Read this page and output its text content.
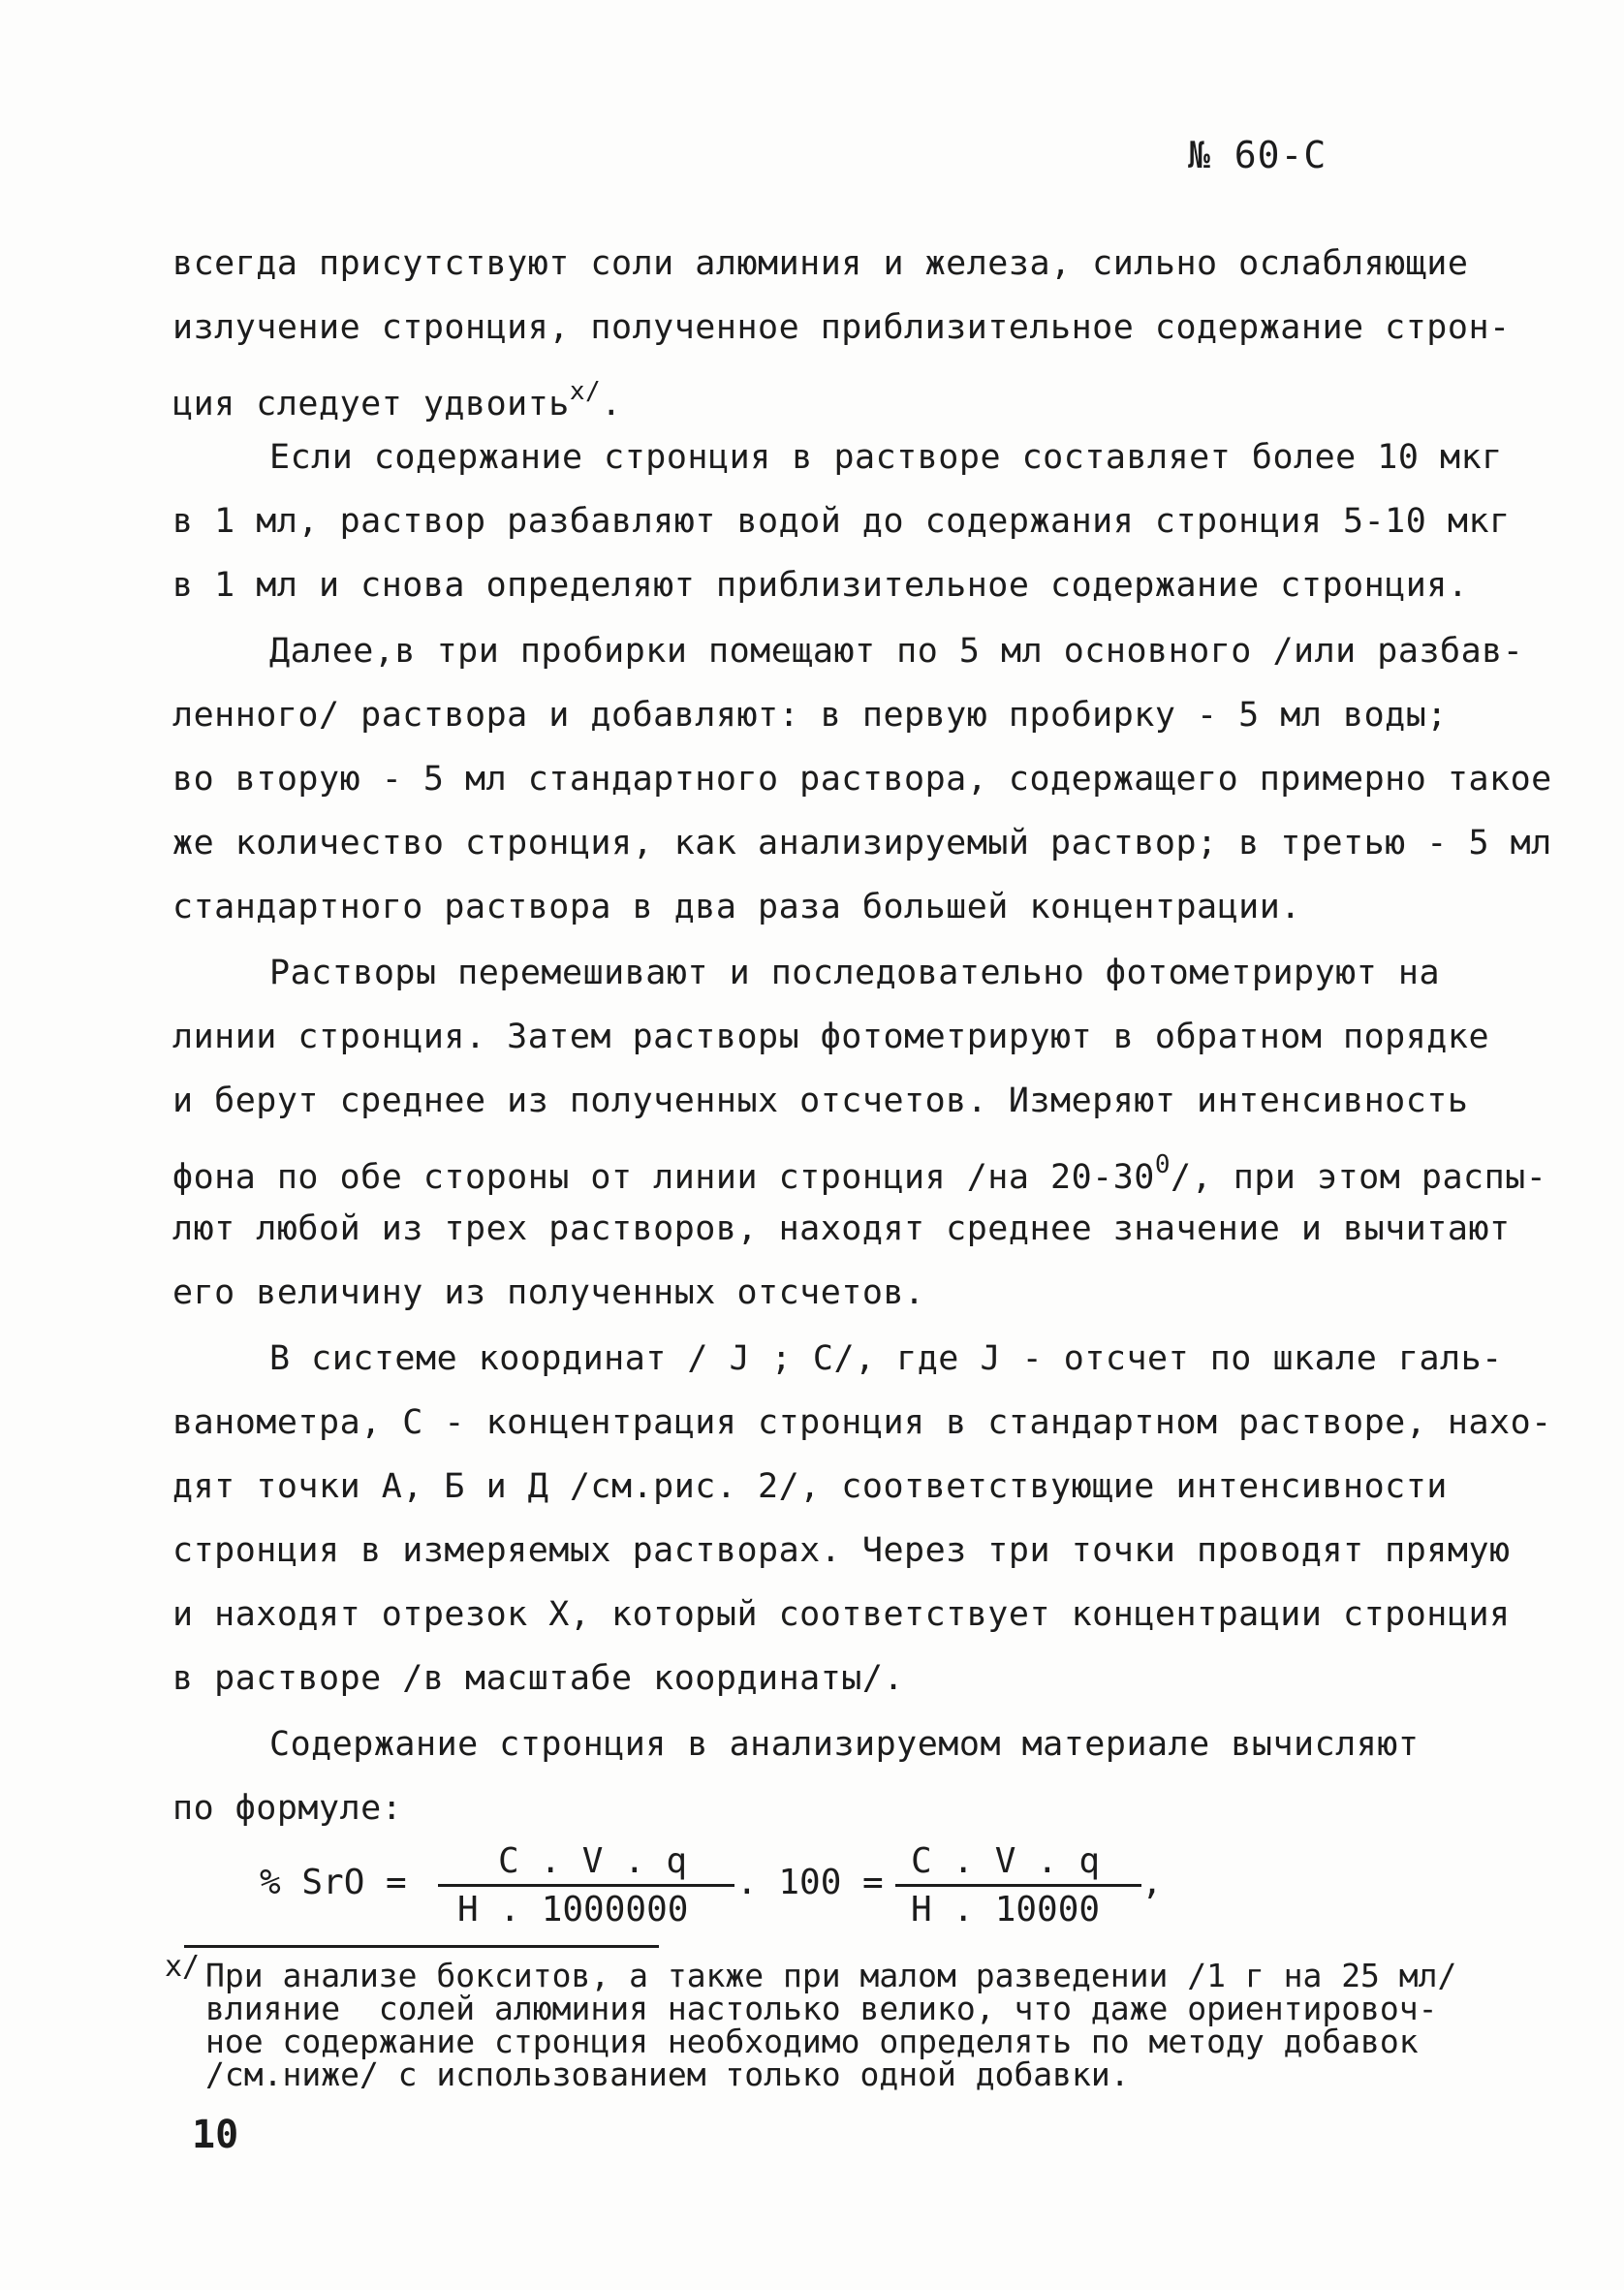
№ 60-С
всегда присутствуют соли алюминия и железа, сильно ослабляющие
излучение стронция, полученное приблизительное содержание строн-
ция следует удвоить$^{х/}$.
Если содержание стронция в растворе составляет более 10 мкг
в 1 мл, раствор разбавляют водой до содержания стронция 5-10 мкг
в 1 мл и снова определяют приблизительное содержание стронция.
Далее,в три пробирки помещают по 5 мл основного /или разбав-
ленного/ раствора и добавляют: в первую пробирку - 5 мл воды;
во вторую - 5 мл стандартного раствора, содержащего примерно такое
же количество стронция, как анализируемый раствор; в третью - 5 мл
стандартного раствора в два раза большей концентрации.
Растворы перемешивают и последовательно фотометрируют на
линии стронция. Затем растворы фотометрируют в обратном порядке
и берут среднее из полученных отсчетов. Измеряют интенсивность
фона по обе стороны от линии стронция /на $20-30^0/$, при этом распы-
лют любой из трех растворов, находят среднее значение и вычитают
его величину из полученных отсчетов.
В системе координат / J ; С/, где J - отсчет по шкале галь-
ванометра, С - концентрация стронция в стандартном растворе, нахо-
дят точки А, Б и Д /см.рис. 2/, соответствующие интенсивности
стронция в измеряемых растворах. Через три точки проводят прямую
и находят отрезок Х, который соответствует концентрации стронция
в растворе /в масштабе координаты/.
Содержание стронция в анализируемом материале вычисляют
по формуле:
% SrO =
C . V . q
H . 1000000
. 100 =
C . V . q
H . 10000
,
х/ При анализе бокситов, а также при малом разведении /1 г на 25 мл/
влияние  солей алюминия настолько велико, что даже ориентировоч-
ное содержание стронция необходимо определять по методу добавок
/см.ниже/ с использованием только одной добавки.
10
